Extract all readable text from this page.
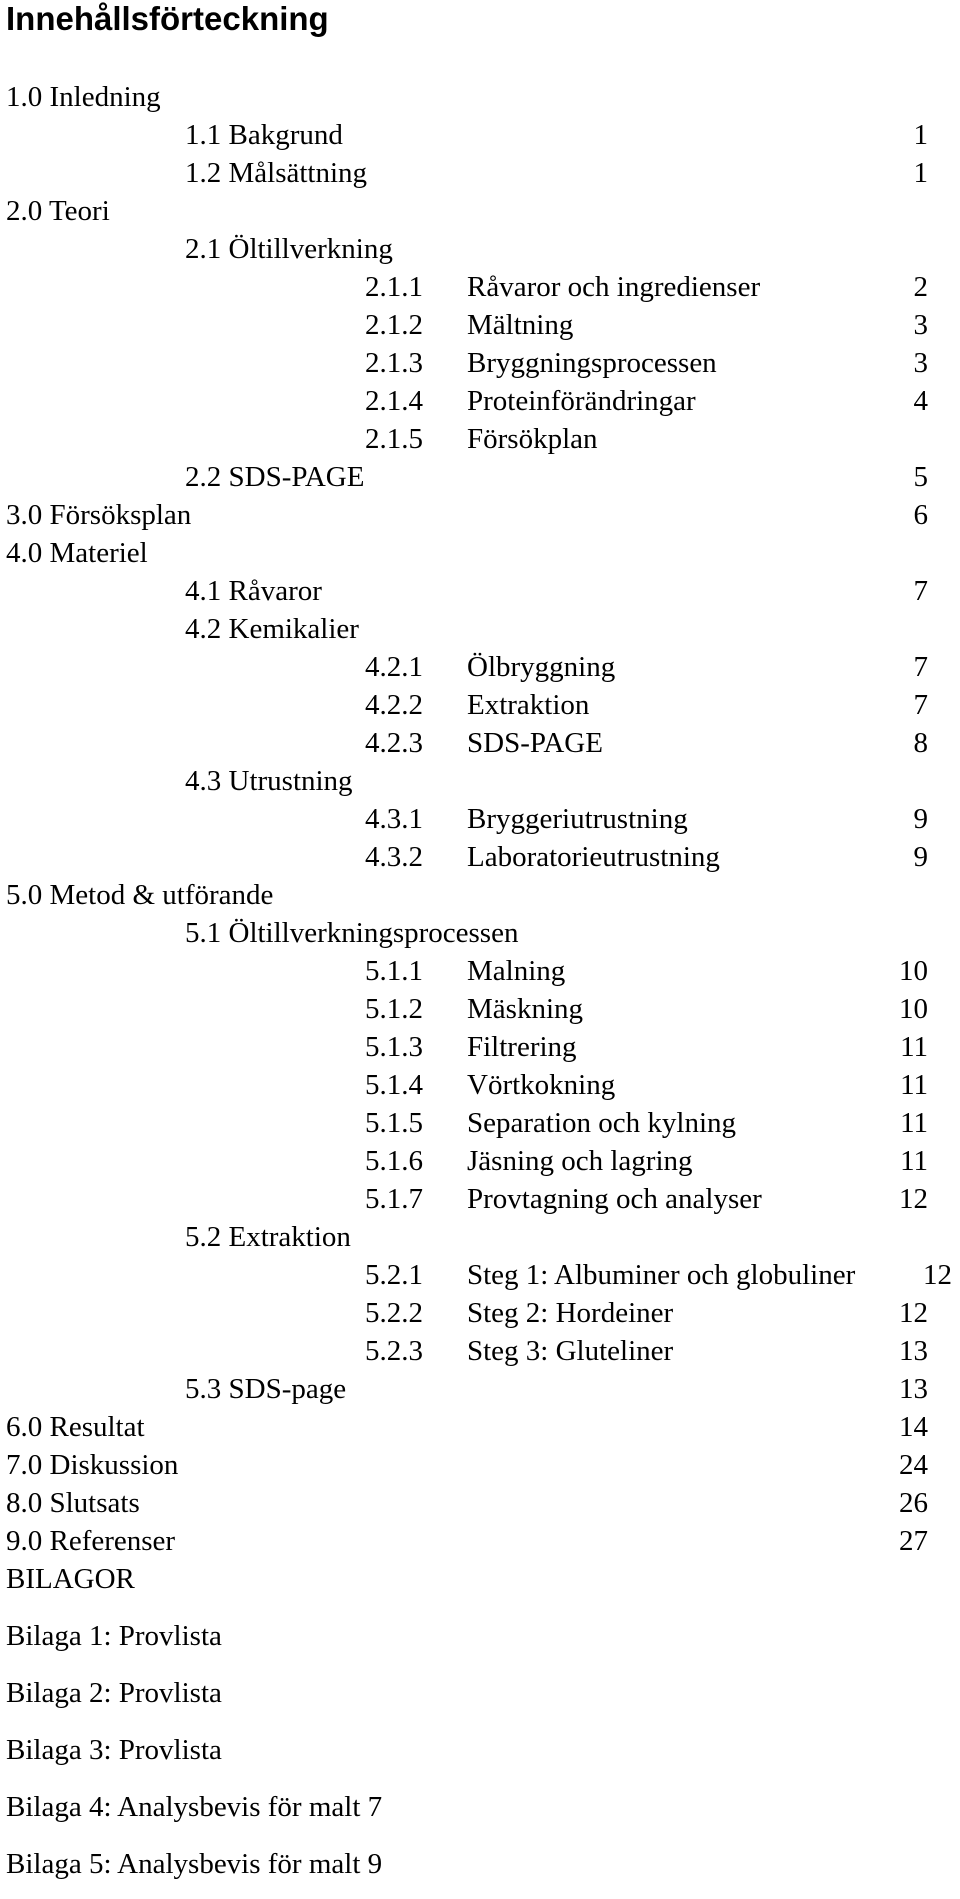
Innehållsförteckning
1.0 Inledning
1.1 Bakgrund	1
1.2 Målsättning	1
2.0 Teori
2.1 Öltillverkning
2.1.1 Råvaror och ingredienser	2
2.1.2 Mältning	3
2.1.3 Bryggningsprocessen	3
2.1.4 Proteinförändringar	4
2.1.5 Försökplan
2.2 SDS-PAGE	5
3.0 Försöksplan	6
4.0 Materiel
4.1 Råvaror	7
4.2 Kemikalier
4.2.1 Ölbryggning	7
4.2.2 Extraktion	7
4.2.3 SDS-PAGE	8
4.3 Utrustning
4.3.1 Bryggeriutrustning	9
4.3.2 Laboratorieutrustning	9
5.0 Metod & utförande
5.1 Öltillverkningsprocessen
5.1.1 Malning	10
5.1.2 Mäskning	10
5.1.3 Filtrering	11
5.1.4 Vörtkokning	11
5.1.5 Separation och kylning	11
5.1.6 Jäsning och lagring	11
5.1.7 Provtagning och analyser	12
5.2 Extraktion
5.2.1 Steg 1: Albuminer och globuliner 12
5.2.2 Steg 2: Hordeiner	12
5.2.3 Steg 3: Gluteliner	13
5.3 SDS-page	13
6.0 Resultat	14
7.0 Diskussion	24
8.0 Slutsats	26
9.0 Referenser	27
BILAGOR
Bilaga 1: Provlista
Bilaga 2: Provlista
Bilaga 3: Provlista
Bilaga 4: Analysbevis för malt 7
Bilaga 5: Analysbevis för malt 9
